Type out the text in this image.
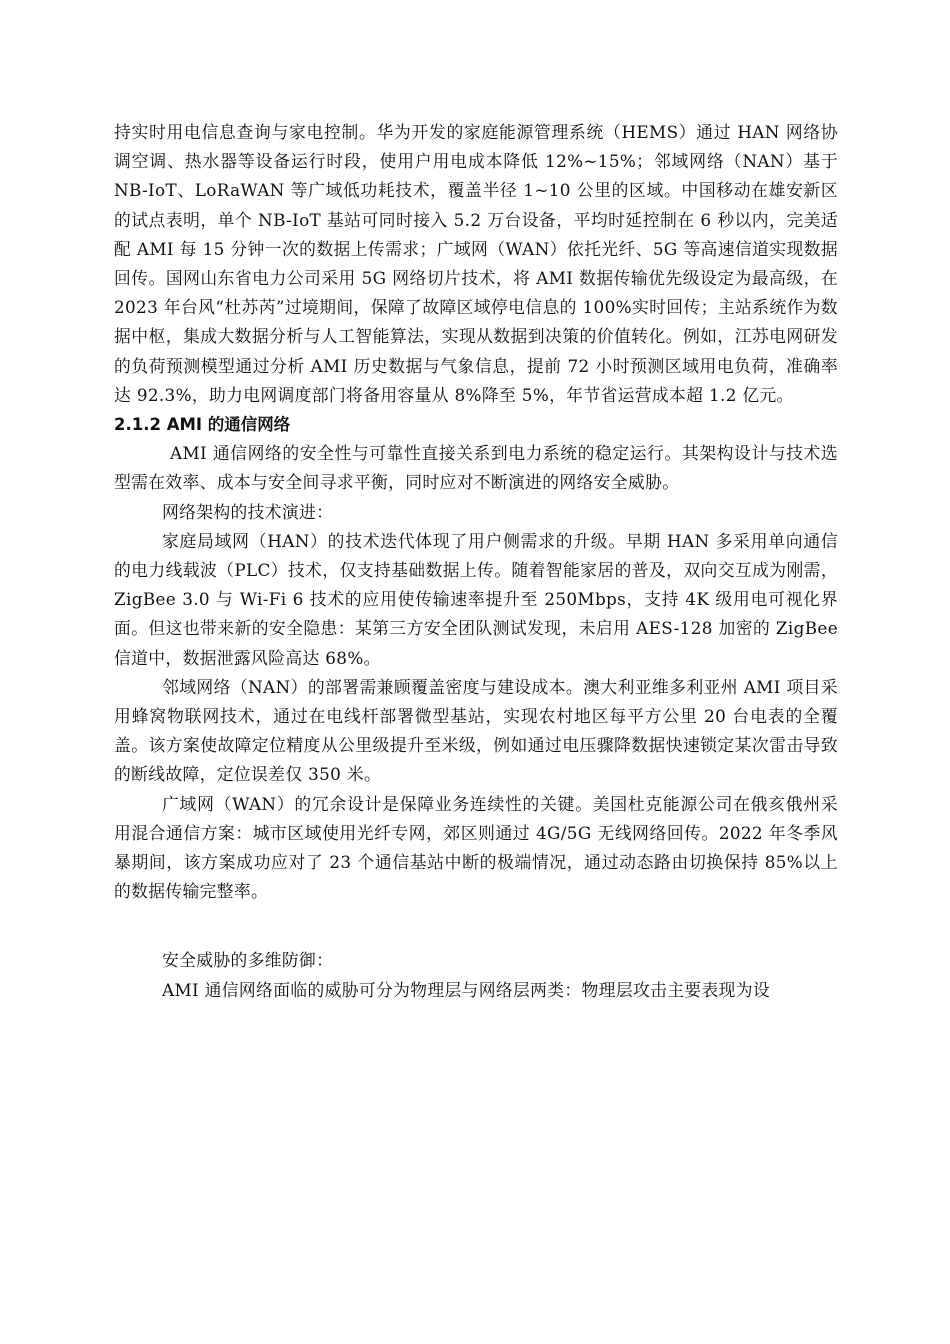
持实时用电信息查询与家电控制。华为开发的家庭能源管理系统（HEMS）通过 HAN 网络协调空调、热水器等设备运行时段，使用户用电成本降低 12%~15%；邻域网络（NAN）基于 NB-IoT、LoRaWAN 等广域低功耗技术，覆盖半径 1~10 公里的区域。中国移动在雄安新区的试点表明，单个 NB-IoT 基站可同时接入 5.2 万台设备，平均时延控制在 6 秒以内，完美适配 AMI 每 15 分钟一次的数据上传需求；广域网（WAN）依托光纤、5G 等高速信道实现数据回传。国网山东省电力公司采用 5G 网络切片技术，将 AMI 数据传输优先级设定为最高级，在 2023 年台风“杜苏芮”过境期间，保障了故障区域停电信息的 100%实时回传；主站系统作为数据中枢，集成大数据分析与人工智能算法，实现从数据到决策的价值转化。例如，江苏电网研发的负荷预测模型通过分析 AMI 历史数据与气象信息，提前 72 小时预测区域用电负荷，准确率达 92.3%，助力电网调度部门将备用容量从 8%降至 5%，年节省运营成本超 1.2 亿元。

2.1.2 AMI 的通信网络

AMI 通信网络的安全性与可靠性直接关系到电力系统的稳定运行。其架构设计与技术选型需在效率、成本与安全间寻求平衡，同时应对不断演进的网络安全威胁。

网络架构的技术演进：

家庭局域网（HAN）的技术迭代体现了用户侧需求的升级。早期 HAN 多采用单向通信的电力线载波（PLC）技术，仅支持基础数据上传。随着智能家居的普及，双向交互成为刚需，ZigBee 3.0 与 Wi-Fi 6 技术的应用使传输速率提升至 250Mbps，支持 4K 级用电可视化界面。但这也带来新的安全隐患：某第三方安全团队测试发现，未启用 AES-128 加密的 ZigBee 信道中，数据泄露风险高达 68%。

邻域网络（NAN）的部署需兼顾覆盖密度与建设成本。澳大利亚维多利亚州 AMI 项目采用蜂窝物联网技术，通过在电线杆部署微型基站，实现农村地区每平方公里 20 台电表的全覆盖。该方案使故障定位精度从公里级提升至米级，例如通过电压骤降数据快速锁定某次雷击导致的断线故障，定位误差仅 350 米。

广域网（WAN）的冗余设计是保障业务连续性的关键。美国杜克能源公司在俄亥俄州采用混合通信方案：城市区域使用光纤专网，郊区则通过 4G/5G 无线网络回传。2022 年冬季风暴期间，该方案成功应对了 23 个通信基站中断的极端情况，通过动态路由切换保持 85%以上的数据传输完整率。

安全威胁的多维防御：

AMI 通信网络面临的威胁可分为物理层与网络层两类：物理层攻击主要表现为设
